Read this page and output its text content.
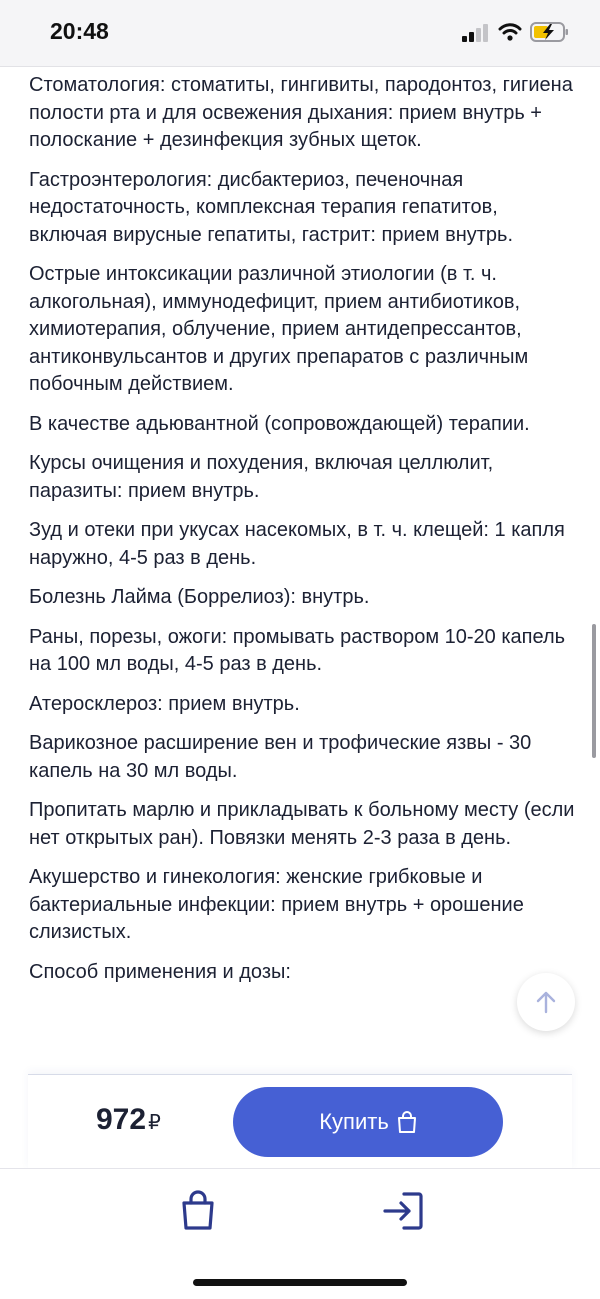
20:48

Стоматология: стоматиты, гингивиты, пародонтоз, гигиена полости рта и для освежения дыхания: прием внутрь + полоскание + дезинфекция зубных щеток.

Гастроэнтерология: дисбактериоз, печеночная недостаточность, комплексная терапия гепатитов, включая вирусные гепатиты, гастрит: прием внутрь.

Острые интоксикации различной этиологии (в т. ч. алкогольная), иммунодефицит, прием антибиотиков, химиотерапия, облучение, прием антидепрессантов, антиконвульсантов и других препаратов с различным побочным действием.

В качестве адьювантной (сопровождающей) терапии.

Курсы очищения и похудения, включая целлюлит, паразиты: прием внутрь.

Зуд и отеки при укусах насекомых, в т. ч. клещей: 1 капля наружно, 4-5 раз в день.

Болезнь Лайма (Боррелиоз): внутрь.

Раны, порезы, ожоги: промывать раствором 10-20 капель на 100 мл воды, 4-5 раз в день.

Атеросклероз: прием внутрь.

Варикозное расширение вен и трофические язвы - 30 капель на 30 мл воды.

Пропитать марлю и прикладывать к больному месту (если нет открытых ран). Повязки менять 2-3 раза в день.

Акушерство и гинекология: женские грибковые и бактериальные инфекции: прием внутрь + орошение слизистых.

Способ применения и дозы:

972 ₽	Купить
